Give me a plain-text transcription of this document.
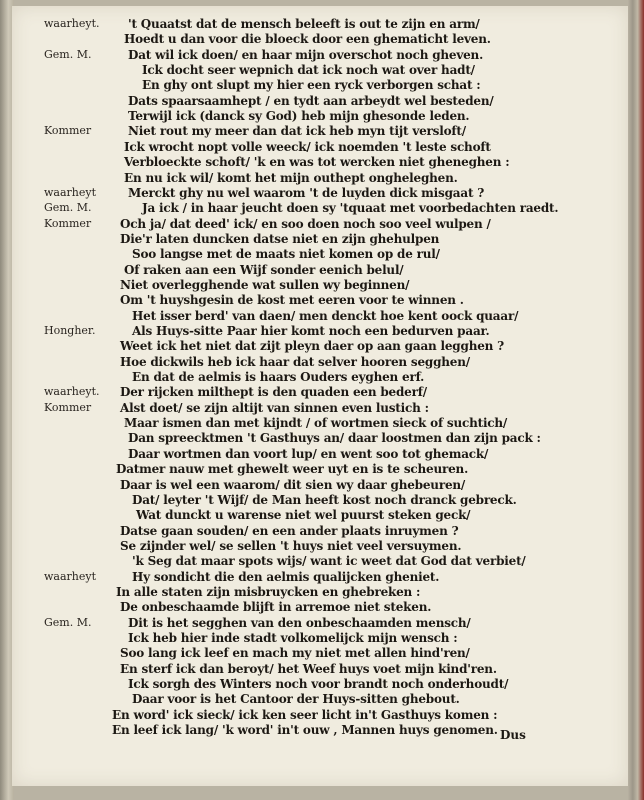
waarheyt. 't Quaatst dat de mensch beleeft is out te zijn en arm/
Hoedt u dan voor die bloeck door een ghematicht leven.
Gem. M.	Dat wil ick doen/ en haar mijn overschot noch gheven.
Ick docht seer wepnich dat ick noch wat over hadt/
En ghy ont slupt my hier een ryck verborgen schat :
Dats spaarsaamhept / en tydt aan arbeydt wel besteden/
Terwijl ick (danck sy God) heb mijn ghesonde leden.
Kommer	Niet rout my meer dan dat ick heb myn tijt versloft/
Ick wrocht nopt volle weeck/ ick noemden 't leste schoft
Verbloeckte schoft/ 'k en was tot wercken niet gheneghen :
En nu ick wil/ komt het mijn outhept ongheleghen.
waarheyt	Merckt ghy nu wel waarom 't de luyden dick misgaat ?
Gem. M.	Ja ick / in haar jeucht doen sy 'tquaat met voorbedachten raedt.
Kommer Och ja/ dat deed' ick/ en soo doen noch soo veel wulpen /
Die'r laten duncken datse niet en zijn ghehulpen
Soo langse met de maats niet komen op de rul/
Of raken aan een Wijf sonder eenich belul/
Niet overlegghende wat sullen wy beginnen/
Om 't huyshgesin de kost met eeren voor te winnen .
Het isser berd' van daen/ men denckt hoe kent oock quaar/
Hongher.	Als Huys-sitte Paar hier komt noch een bedurven paar.
Weet ick het niet dat zijt pleyn daer op aan gaan legghen ?
Hoe dickwils heb ick haar dat selver hooren segghen/
En dat de aelmis is haars Ouders eyghen erf.
waarheyt. Der rijcken milthept is den quaden een bederf/
Kommer Alst doet/ se zijn altijt van sinnen even lustich :
Maar ismen dan met kijndt / of wortmen sieck of suchtich/
Dan spreecktmen 't Gasthuys an/ daar loostmen dan zijn pack :
Daar wortmen dan voort lup/ en went soo tot ghemack/
Datmer nauw met ghewelt weer uyt en is te scheuren.
Daar is wel een waarom/ dit sien wy daar ghebeuren/
Dat/ leyter 't Wijf/ de Man heeft kost noch dranck gebreck.
Wat dunckt u warense niet wel puurst steken geck/
Datse gaan souden/ en een ander plaats inruymen ?
Se zijnder wel/ se sellen 't huys niet veel versuymen.
'k Seg dat maar spots wijs/ want ic weet dat God dat verbiet/
waarheyt	Hy sondicht die den aelmis qualijcken gheniet.
In alle staten zijn misbruycken en ghebreken :
De onbeschaamde blijft in arremoe niet steken.
Gem. M.	Dit is het segghen van den onbeschaamden mensch/
Ick heb hier inde stadt volkomelijck mijn wensch :
Soo lang ick leef en mach my niet met allen hind'ren/
En sterf ick dan beroyt/ het Weef huys voet mijn kind'ren.
Ick sorgh des Winters noch voor brandt noch onderhoudt/
Daar voor is het Cantoor der Huys-sitten ghebout.
En word' ick sieck/ ick ken seer licht in't Gasthuys komen :
En leef ick lang/ 'k word' in't ouw , Mannen huys genomen. Dus
